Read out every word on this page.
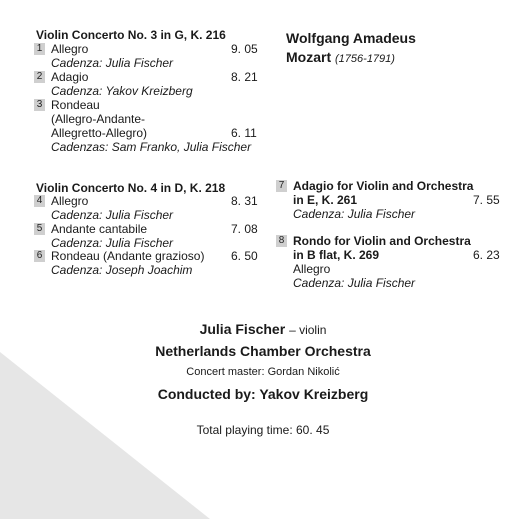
Violin Concerto No. 3 in G, K. 216	Wolfgang Amadeus
Mozart (1756-1791)
1 Allegro
Cadenza: Julia Fischer
9. 05
2 Adagio
Cadenza: Yakov Kreizberg
8. 21
3 Rondeau
(Allegro-Andante-
Allegretto-Allegro)
Cadenzas: Sam Franko, Julia Fischer
6. 11
Violin Concerto No. 4 in D, K. 218
4 Allegro
Cadenza: Julia Fischer
8. 31
5 Andante cantabile
Cadenza: Julia Fischer
7. 08
6 Rondeau (Andante grazioso)
Cadenza: Joseph Joachim
6. 50
7 Adagio for Violin and Orchestra
in E, K. 261
Cadenza: Julia Fischer
7. 55
8 Rondo for Violin and Orchestra
in B flat, K. 269
Allegro
Cadenza: Julia Fischer
6. 23
Julia Fischer – violin
Netherlands Chamber Orchestra
Concert master: Gordan Nikolić
Conducted by: Yakov Kreizberg
Total playing time: 60. 45
